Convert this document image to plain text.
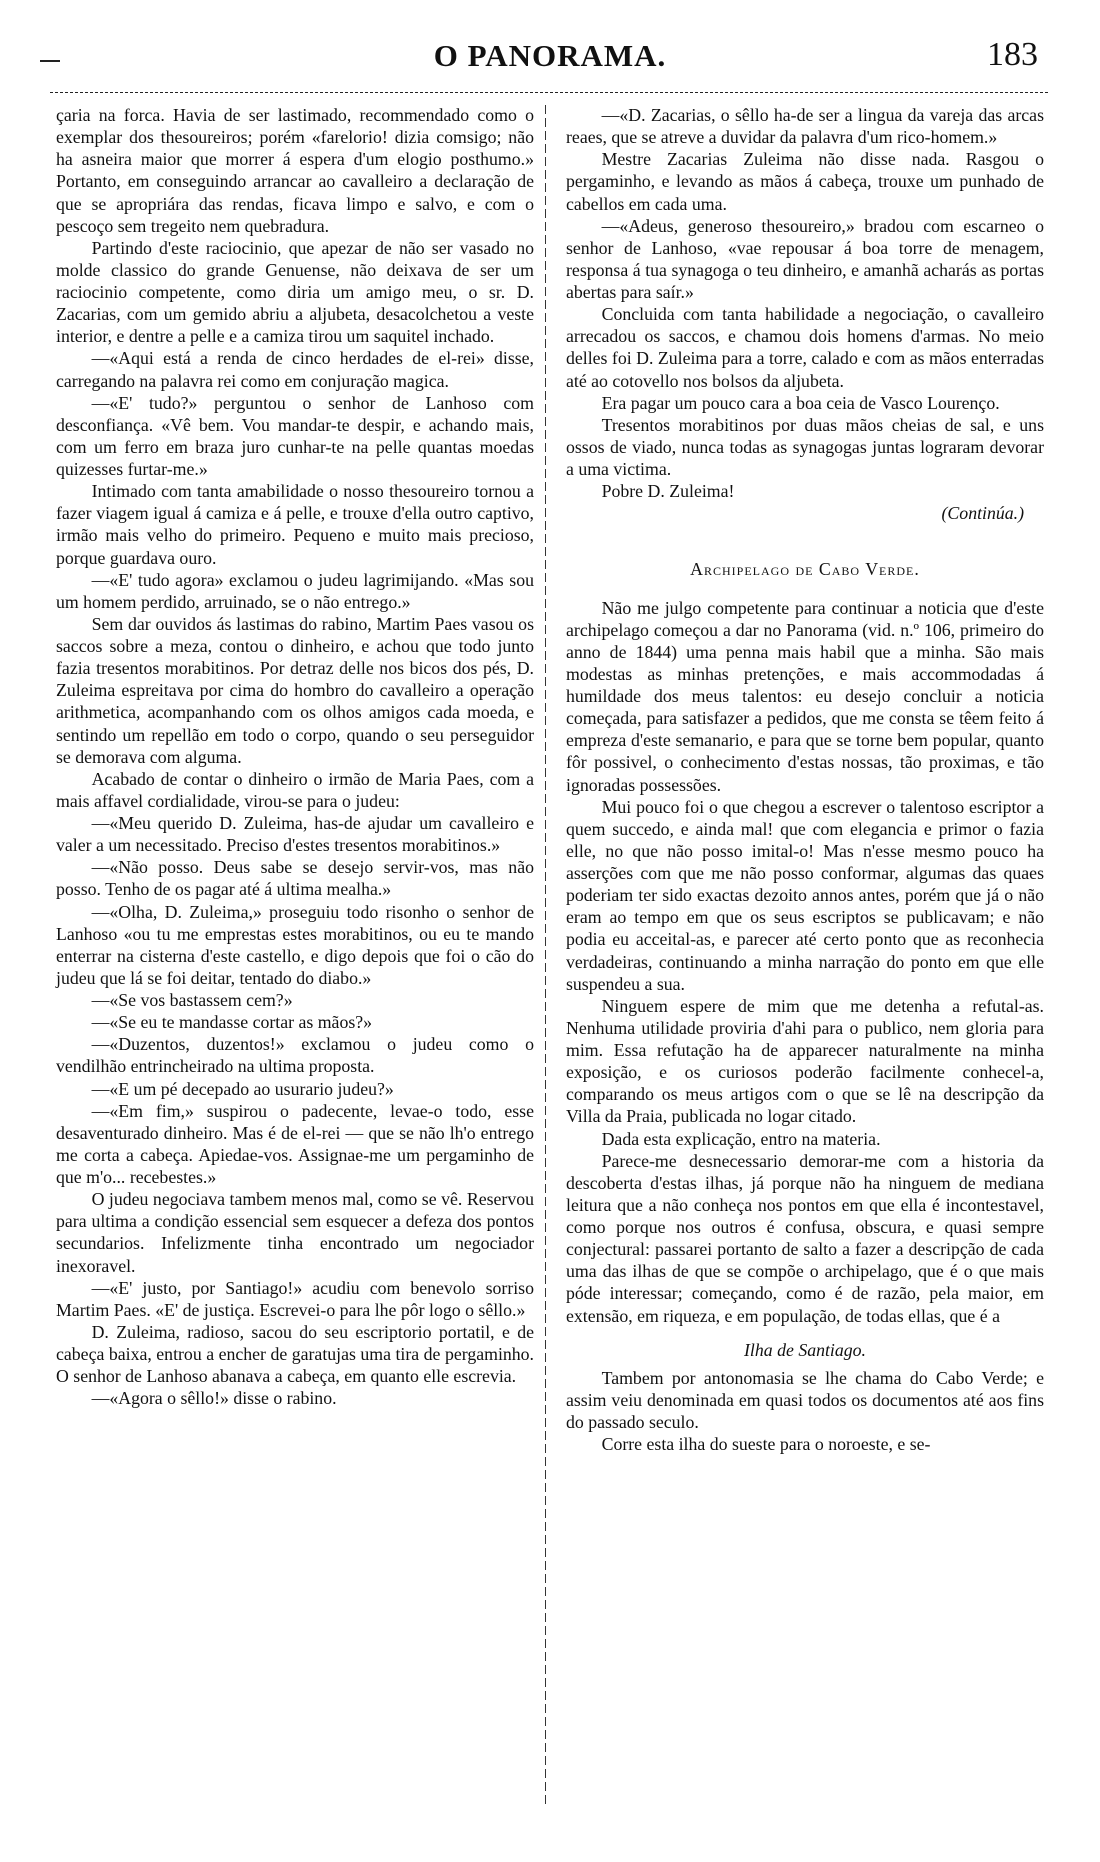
O PANORAMA.	183

çaria na forca. Havia de ser lastimado, recommendado como o exemplar dos thesoureiros; porém «farelorio! dizia comsigo; não ha asneira maior que morrer á espera d'um elogio posthumo.» Portanto, em conseguindo arrancar ao cavalleiro a declaração de que se apropriára das rendas, ficava limpo e salvo, e com o pescoço sem tregeito nem quebradura.

Partindo d'este raciocinio, que apezar de não ser vasado no molde classico do grande Genuense, não deixava de ser um raciocinio competente, como diria um amigo meu, o sr. D. Zacarias, com um gemido abriu a aljubeta, desacolchetou a veste interior, e dentre a pelle e a camiza tirou um saquitel inchado.

—«Aqui está a renda de cinco herdades de el-rei» disse, carregando na palavra rei como em conjuração magica.

—«E' tudo?» perguntou o senhor de Lanhoso com desconfiança. «Vê bem. Vou mandar-te despir, e achando mais, com um ferro em braza juro cunhar-te na pelle quantas moedas quizesses furtar-me.»

Intimado com tanta amabilidade o nosso thesoureiro tornou a fazer viagem igual á camiza e á pelle, e trouxe d'ella outro captivo, irmão mais velho do primeiro. Pequeno e muito mais precioso, porque guardava ouro.

—«E' tudo agora» exclamou o judeu lagrimijando. «Mas sou um homem perdido, arruinado, se o não entrego.»

Sem dar ouvidos ás lastimas do rabino, Martim Paes vasou os saccos sobre a meza, contou o dinheiro, e achou que todo junto fazia tresentos morabitinos. Por detraz delle nos bicos dos pés, D. Zuleima espreitava por cima do hombro do cavalleiro a operação arithmetica, acompanhando com os olhos amigos cada moeda, e sentindo um repellão em todo o corpo, quando o seu perseguidor se demorava com alguma.

Acabado de contar o dinheiro o irmão de Maria Paes, com a mais affavel cordialidade, virou-se para o judeu:

—«Meu querido D. Zuleima, has-de ajudar um cavalleiro e valer a um necessitado. Preciso d'estes tresentos morabitinos.»

—«Não posso. Deus sabe se desejo servir-vos, mas não posso. Tenho de os pagar até á ultima mealha.»

—«Olha, D. Zuleima,» proseguiu todo risonho o senhor de Lanhoso «ou tu me emprestas estes morabitinos, ou eu te mando enterrar na cisterna d'este castello, e digo depois que foi o cão do judeu que lá se foi deitar, tentado do diabo.»

—«Se vos bastassem cem?»

—«Se eu te mandasse cortar as mãos?»

—«Duzentos, duzentos!» exclamou o judeu como o vendilhão entrincheirado na ultima proposta.

—«E um pé decepado ao usurario judeu?»

—«Em fim,» suspirou o padecente, levae-o todo, esse desaventurado dinheiro. Mas é de el-rei — que se não lh'o entrego me corta a cabeça. Apiedae-vos. Assignae-me um pergaminho de que m'o... recebestes.»

O judeu negociava tambem menos mal, como se vê. Reservou para ultima a condição essencial sem esquecer a defeza dos pontos secundarios. Infelizmente tinha encontrado um negociador inexoravel.

—«E' justo, por Santiago!» acudiu com benevolo sorriso Martim Paes. «E' de justiça. Escrevei-o para lhe pôr logo o sêllo.»

D. Zuleima, radioso, sacou do seu escriptorio portatil, e de cabeça baixa, entrou a encher de garatujas uma tira de pergaminho. O senhor de Lanhoso abanava a cabeça, em quanto elle escrevia.

—«Agora o sêllo!» disse o rabino.

—«D. Zacarias, o sêllo ha-de ser a lingua da vareja das arcas reaes, que se atreve a duvidar da palavra d'um rico-homem.»

Mestre Zacarias Zuleima não disse nada. Rasgou o pergaminho, e levando as mãos á cabeça, trouxe um punhado de cabellos em cada uma.

—«Adeus, generoso thesoureiro,» bradou com escarneo o senhor de Lanhoso, «vae repousar á boa torre de menagem, responsa á tua synagoga o teu dinheiro, e amanhã acharás as portas abertas para saír.»

Concluida com tanta habilidade a negociação, o cavalleiro arrecadou os saccos, e chamou dois homens d'armas. No meio delles foi D. Zuleima para a torre, calado e com as mãos enterradas até ao cotovello nos bolsos da aljubeta.

Era pagar um pouco cara a boa ceia de Vasco Lourenço.

Tresentos morabitinos por duas mãos cheias de sal, e uns ossos de viado, nunca todas as synagogas juntas lograram devorar a uma victima.

Pobre D. Zuleima!

(Continúa.)

Archipelago de Cabo Verde.

Não me julgo competente para continuar a noticia que d'este archipelago começou a dar no Panorama (vid. n.º 106, primeiro do anno de 1844) uma penna mais habil que a minha. São mais modestas as minhas pretenções, e mais accommodadas á humildade dos meus talentos: eu desejo concluir a noticia começada, para satisfazer a pedidos, que me consta se têem feito á empreza d'este semanario, e para que se torne bem popular, quanto fôr possivel, o conhecimento d'estas nossas, tão proximas, e tão ignoradas possessões.

Mui pouco foi o que chegou a escrever o talentoso escriptor a quem succedo, e ainda mal! que com elegancia e primor o fazia elle, no que não posso imital-o! Mas n'esse mesmo pouco ha asserções com que me não posso conformar, algumas das quaes poderiam ter sido exactas dezoito annos antes, porém que já o não eram ao tempo em que os seus escriptos se publicavam; e não podia eu acceital-as, e parecer até certo ponto que as reconhecia verdadeiras, continuando a minha narração do ponto em que elle suspendeu a sua.

Ninguem espere de mim que me detenha a refutal-as. Nenhuma utilidade proviria d'ahi para o publico, nem gloria para mim. Essa refutação ha de apparecer naturalmente na minha exposição, e os curiosos poderão facilmente conhecel-a, comparando os meus artigos com o que se lê na descripção da Villa da Praia, publicada no logar citado.

Dada esta explicação, entro na materia.

Parece-me desnecessario demorar-me com a historia da descoberta d'estas ilhas, já porque não ha ninguem de mediana leitura que a não conheça nos pontos em que ella é incontestavel, como porque nos outros é confusa, obscura, e quasi sempre conjectural: passarei portanto de salto a fazer a descripção de cada uma das ilhas de que se compõe o archipelago, que é o que mais póde interessar; começando, como é de razão, pela maior, em extensão, em riqueza, e em população, de todas ellas, que é a

Ilha de Santiago.

Tambem por antonomasia se lhe chama do Cabo Verde; e assim veiu denominada em quasi todos os documentos até aos fins do passado seculo.

Corre esta ilha do sueste para o noroeste, e se-
